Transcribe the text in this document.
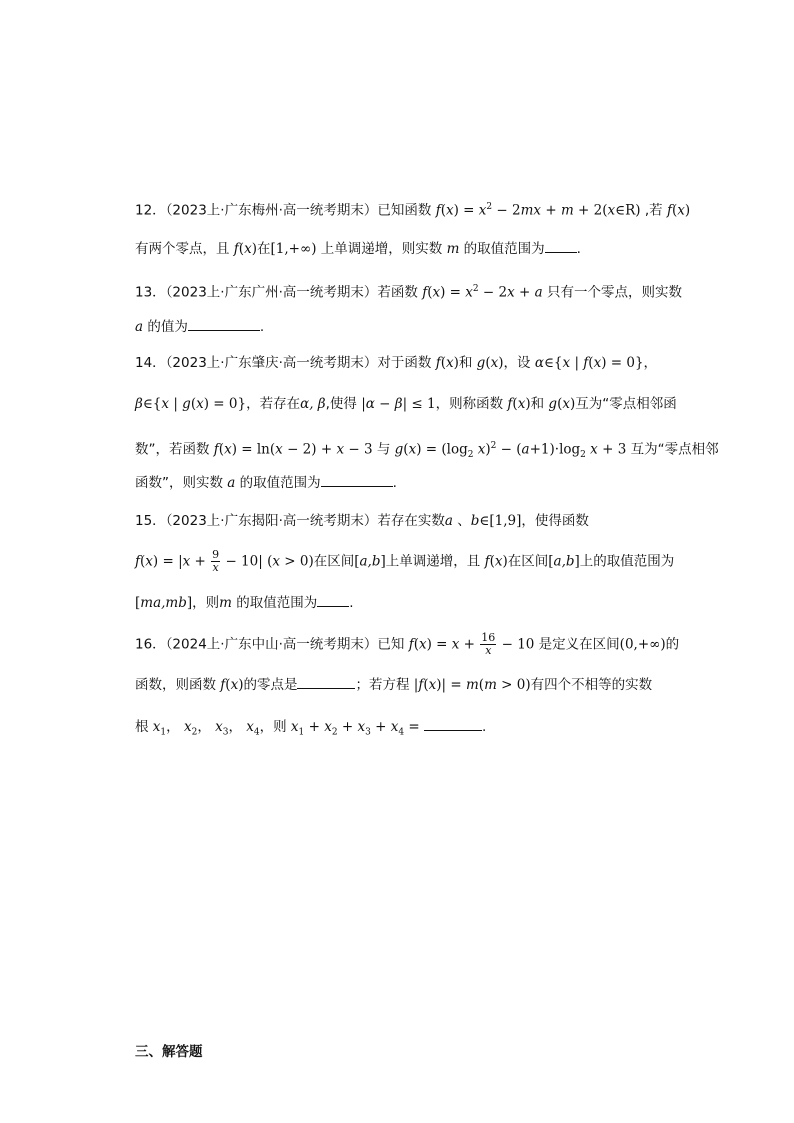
12．（2023上·广东梅州·高一统考期末）已知函数 $f(x) = x^2 - 2mx + m$ + 2(x∈R) ,若 f(x)
有两个零点，且 f(x)在[1,+∞) 上单调递增，则实数 m 的取值范围为 .
13．（2023上·广东广州·高一统考期末）若函数 $f(x) = x^2 - 2x + a$ 只有一个零点，则实数
a 的值为	.
14．（2023上·广东肇庆·高一统考期末）对于函数 f(x)和 g(x)，设 α∈{x | f(x) = 0}，
β∈{x | g(x) = 0}，若存在α, β,使得 |α − β| ≤ 1，则称函数 f(x)和 g(x)互为“零点相邻函
数”，若函数 f(x) = ln(x − 2) + x − 3 与 $g(x) = (\log_2$ $x)^2 - (a+1)\cdot\log_2$ x + 3 互为“零点相邻
函数”，则实数 a 的取值范围为	.
15．（2023上·广东揭阳·高一统考期末）若存在实数a 、b∈[1,9]，使得函数
$f(x) = |x + \frac{9}{x} - 10|$ (x > 0)在区间[a,b]上单调递增，且 f(x)在区间[a,b]上的取值范围为
[ma,mb]，则m 的取值范围为 .
16．（2024上·广东中山·高一统考期末）已知 $f(x) = x + \frac{16}{x} - 10$ 是定义在区间(0,+∞)的
函数，则函数 f(x)的零点是	；若方程 |f(x)| = m(m > 0)有四个不相等的实数
根 $x_1$， $x_2$， $x_3$， $x_4$，则 $x_1 + x_2 + x_3 + x_4$ =	.
三、解答题
